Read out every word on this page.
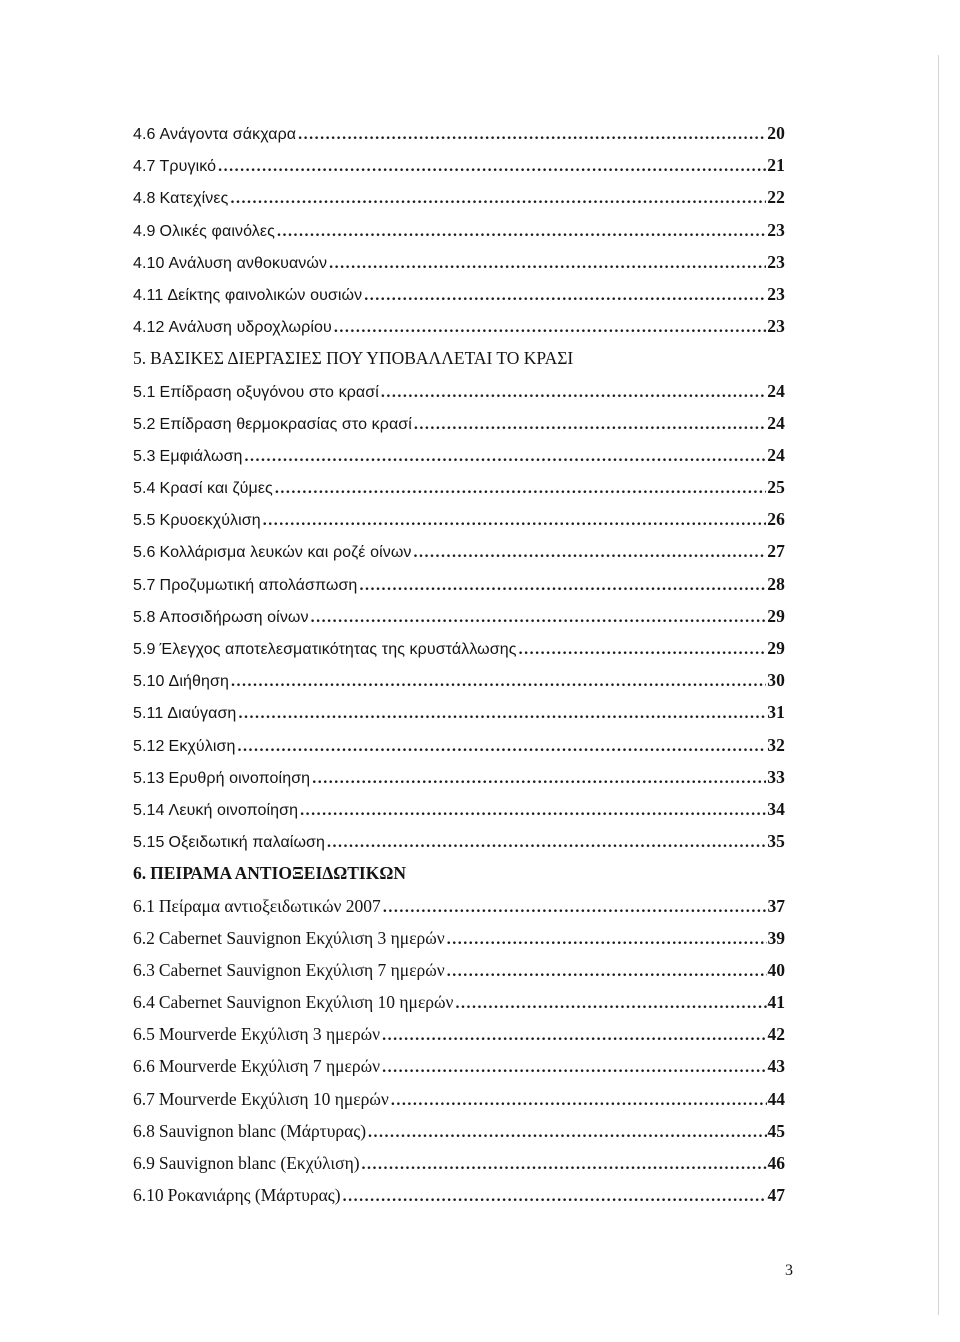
4.6 Ανάγοντα σάκχαρα .....	20
4.7 Τρυγικό .....	21
4.8 Κατεχίνες .....	22
4.9 Ολικές φαινόλες .....	23
4.10 Ανάλυση ανθοκυανών .....	23
4.11 Δείκτης φαινολικών ουσιών .....	23
4.12 Ανάλυση υδροχλωρίου .....	23
5. ΒΑΣΙΚΕΣ ΔΙΕΡΓΑΣΙΕΣ ΠΟΥ ΥΠΟΒΑΛΛΕΤΑΙ ΤΟ ΚΡΑΣΙ
5.1 Επίδραση οξυγόνου στο κρασί .....	24
5.2 Επίδραση θερμοκρασίας στο κρασί .....	24
5.3 Εμφιάλωση .....	24
5.4 Κρασί και ζύμες .....	25
5.5 Κρυοεκχύλιση .....	26
5.6 Κολλάρισμα λευκών και ροζέ οίνων .....	27
5.7 Προζυμωτική απολάσπωση .....	28
5.8 Αποσιδήρωση οίνων .....	29
5.9 Έλεγχος αποτελεσματικότητας της κρυστάλλωσης .....	29
5.10 Διήθηση .....	30
5.11 Διαύγαση .....	31
5.12 Εκχύλιση .....	32
5.13 Ερυθρή οινοποίηση .....	33
5.14 Λευκή οινοποίηση .....	34
5.15 Οξειδωτική παλαίωση .....	35
6. ΠΕΙΡΑΜΑ ΑΝΤΙΟΞΕΙΔΩΤΙΚΩΝ
6.1 Πείραμα αντιοξειδωτικών 2007 .....	37
6.2 Cabernet Sauvignon Εκχύλιση 3 ημερών .....	39
6.3 Cabernet Sauvignon Εκχύλιση 7 ημερών .....	40
6.4 Cabernet Sauvignon Εκχύλιση 10 ημερών .....	41
6.5 Mourverde Εκχύλιση 3 ημερών .....	42
6.6 Mourverde Εκχύλιση 7 ημερών .....	43
6.7 Mourverde Εκχύλιση 10 ημερών .....	44
6.8 Sauvignon blanc (Μάρτυρας) .....	45
6.9 Sauvignon blanc (Εκχύλιση) .....	46
6.10 Ροκανιάρης (Μάρτυρας) .....	47
3
